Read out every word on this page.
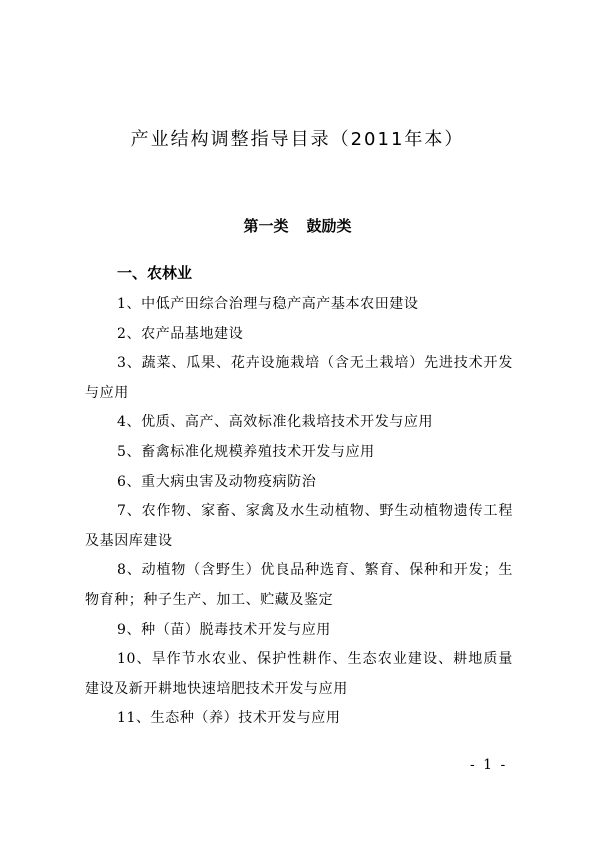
产业结构调整指导目录（2011年本）
第一类 鼓励类
一、农林业

1、中低产田综合治理与稳产高产基本农田建设

2、农产品基地建设

3、蔬菜、瓜果、花卉设施栽培（含无土栽培）先进技术开发与应用

4、优质、高产、高效标准化栽培技术开发与应用

5、畜禽标准化规模养殖技术开发与应用

6、重大病虫害及动物疫病防治

7、农作物、家畜、家禽及水生动植物、野生动植物遗传工程及基因库建设

8、动植物（含野生）优良品种选育、繁育、保种和开发；生物育种；种子生产、加工、贮藏及鉴定

9、种（苗）脱毒技术开发与应用

10、旱作节水农业、保护性耕作、生态农业建设、耕地质量建设及新开耕地快速培肥技术开发与应用

11、生态种（养）技术开发与应用

- 1 -
